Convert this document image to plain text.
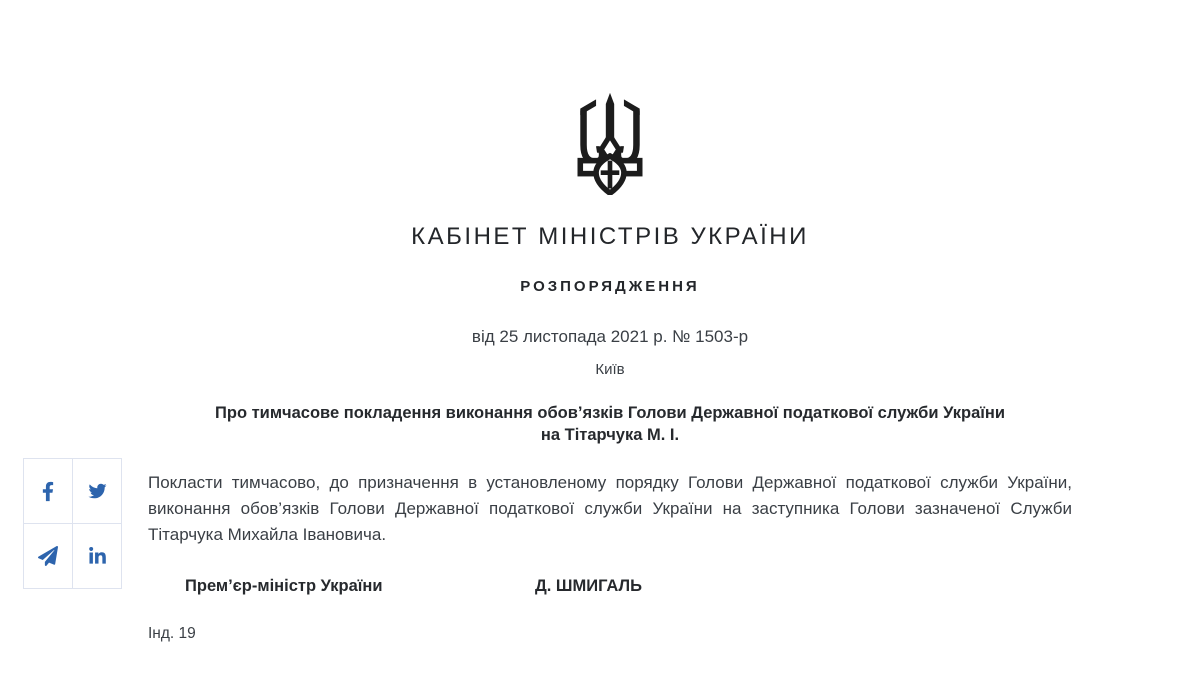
КАБІНЕТ МІНІСТРІВ УКРАЇНИ
РОЗПОРЯДЖЕННЯ
від 25 листопада 2021 р. № 1503-р
Київ
Про тимчасове покладення виконання обов’язків Голови Державної податкової служби України на Тітарчука М. І.

Покласти тимчасово, до призначення в установленому порядку Голови Державної податкової служби України, виконання обов’язків Голови Державної податкової служби України на заступника Голови зазначеної Служби Тітарчука Михайла Івановича.

Прем’єр-міністр України	Д. ШМИГАЛЬ
Інд. 19
